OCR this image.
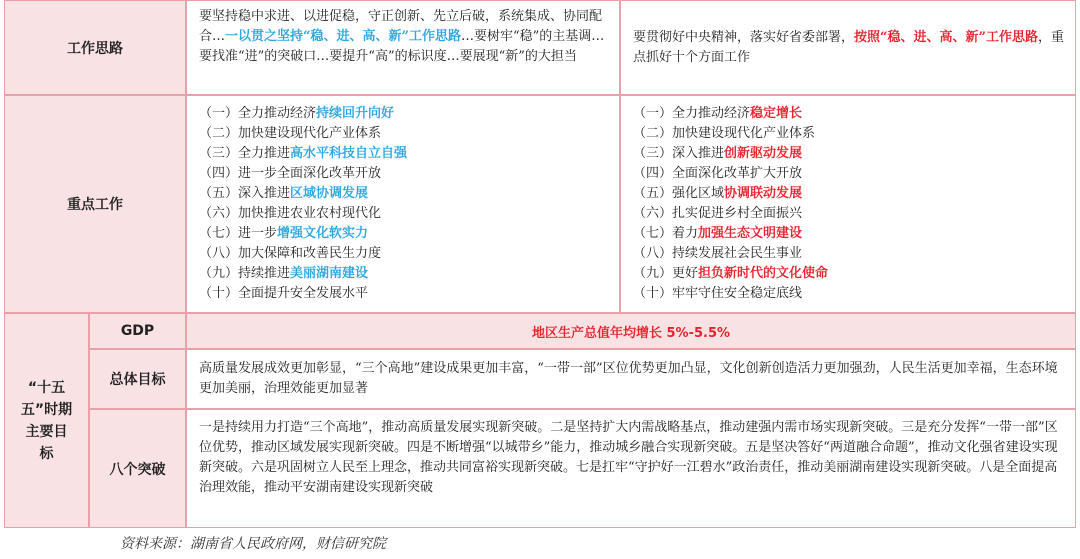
工作思路
要坚持稳中求进、以进促稳，守正创新、先立后破，系统集成、协同配合…一以贯之坚持“稳、进、高、新”工作思路…要树牢“稳”的主基调…要找准“进”的突破口…要提升“高”的标识度…要展现“新”的大担当
要贯彻好中央精神，落实好省委部署，按照“稳、进、高、新”工作思路，重点抓好十个方面工作
重点工作
（一）全力推动经济持续回升向好
（二）加快建设现代化产业体系
（三）全力推进高水平科技自立自强
（四）进一步全面深化改革开放
（五）深入推进区域协调发展
（六）加快推进农业农村现代化
（七）进一步增强文化软实力
（八）加大保障和改善民生力度
（九）持续推进美丽湖南建设
（十）全面提升安全发展水平
（一）全力推动经济稳定增长
（二）加快建设现代化产业体系
（三）深入推进创新驱动发展
（四）全面深化改革扩大开放
（五）强化区域协调联动发展
（六）扎实促进乡村全面振兴
（七）着力加强生态文明建设
（八）持续发展社会民生事业
（九）更好担负新时代的文化使命
（十）牢牢守住安全稳定底线
“十五五”时期主要目标
GDP	地区生产总值年均增长 5%-5.5%
总体目标
高质量发展成效更加彰显，“三个高地”建设成果更加丰富，“一带一部”区位优势更加凸显，文化创新创造活力更加强劲，人民生活更加幸福，生态环境更加美丽，治理效能更加显著
八个突破
一是持续用力打造“三个高地”，推动高质量发展实现新突破。二是坚持扩大内需战略基点，推动建强内需市场实现新突破。三是充分发挥“一带一部”区位优势，推动区域发展实现新突破。四是不断增强“以城带乡”能力，推动城乡融合实现新突破。五是坚决答好“两道融合命题”，推动文化强省建设实现新突破。六是巩固树立人民至上理念，推动共同富裕实现新突破。七是扛牢“守护好一江碧水”政治责任，推动美丽湖南建设实现新突破。八是全面提高治理效能，推动平安湖南建设实现新突破
资料来源：湖南省人民政府网，财信研究院
